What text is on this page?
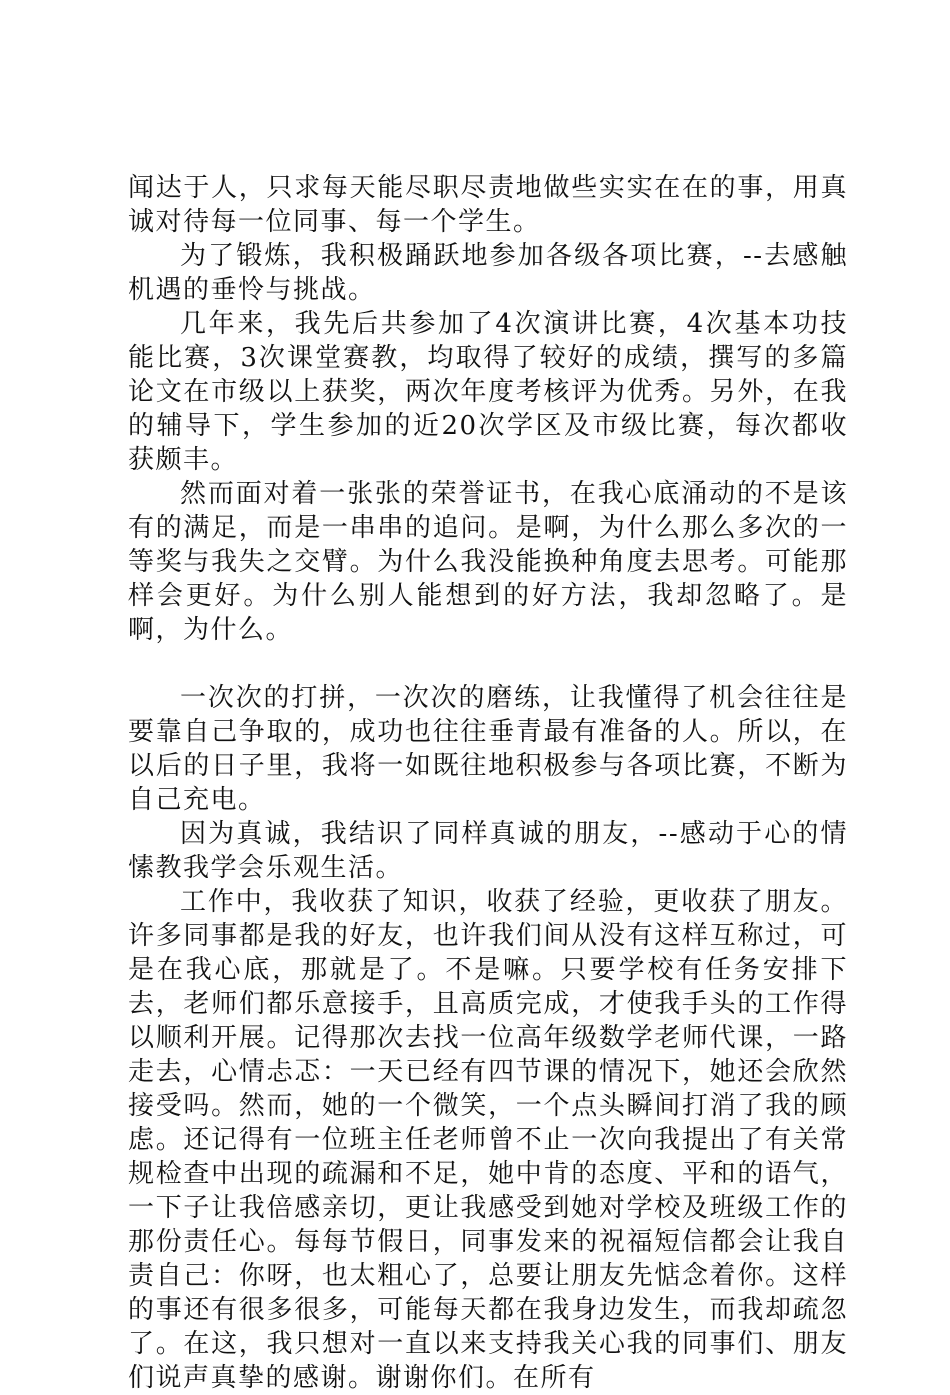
闻达于人，只求每天能尽职尽责地做些实实在在的事，用真诚对待每一位同事、每一个学生。

为了锻炼，我积极踊跃地参加各级各项比赛，--去感触机遇的垂怜与挑战。

几年来，我先后共参加了4次演讲比赛，4次基本功技能比赛，3次课堂赛教，均取得了较好的成绩，撰写的多篇论文在市级以上获奖，两次年度考核评为优秀。另外，在我的辅导下，学生参加的近20次学区及市级比赛，每次都收获颇丰。

然而面对着一张张的荣誉证书，在我心底涌动的不是该有的满足，而是一串串的追问。是啊，为什么那么多次的一等奖与我失之交臂。为什么我没能换种角度去思考。可能那样会更好。为什么别人能想到的好方法，我却忽略了。是啊，为什么。

一次次的打拼，一次次的磨练，让我懂得了机会往往是要靠自己争取的，成功也往往垂青最有准备的人。所以，在以后的日子里，我将一如既往地积极参与各项比赛，不断为自己充电。

因为真诚，我结识了同样真诚的朋友，--感动于心的情愫教我学会乐观生活。

工作中，我收获了知识，收获了经验，更收获了朋友。许多同事都是我的好友，也许我们间从没有这样互称过，可是在我心底，那就是了。不是嘛。只要学校有任务安排下去，老师们都乐意接手，且高质完成，才使我手头的工作得以顺利开展。记得那次去找一位高年级数学老师代课，一路走去，心情忐忑：一天已经有四节课的情况下，她还会欣然接受吗。然而，她的一个微笑，一个点头瞬间打消了我的顾虑。还记得有一位班主任老师曾不止一次向我提出了有关常规检查中出现的疏漏和不足，她中肯的态度、平和的语气，一下子让我倍感亲切，更让我感受到她对学校及班级工作的那份责任心。每每节假日，同事发来的祝福短信都会让我自责自己：你呀，也太粗心了，总要让朋友先惦念着你。这样的事还有很多很多，可能每天都在我身边发生，而我却疏忽了。在这，我只想对一直以来支持我关心我的同事们、朋友们说声真挚的感谢。谢谢你们。在所有
